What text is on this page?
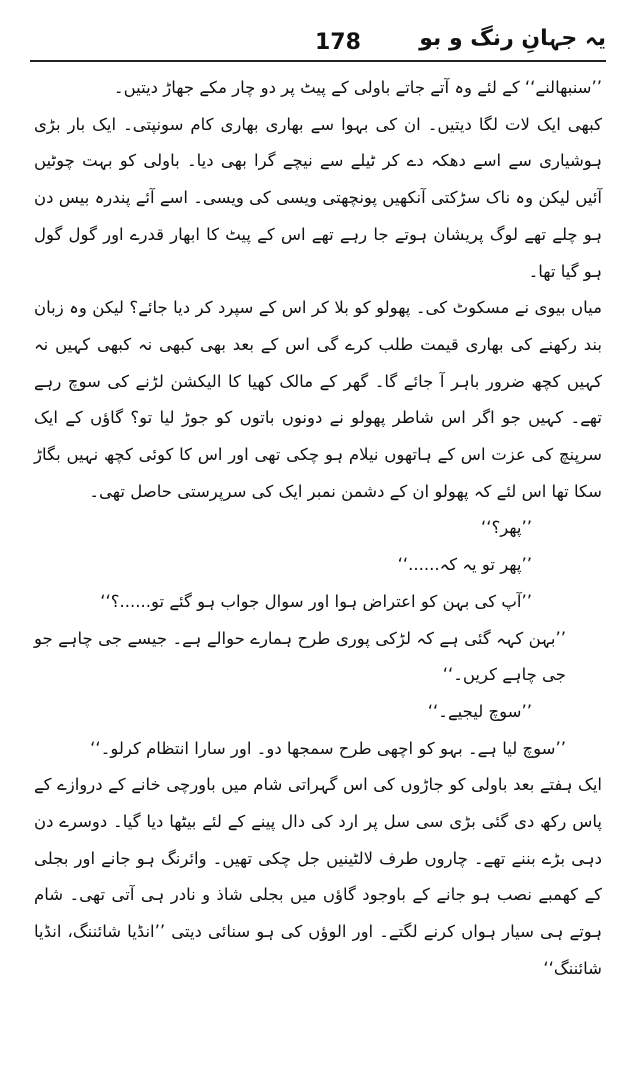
178	یہ جہانِ رنگ و بو

’’سنبھالنے‘‘ کے لئے وہ آتے جاتے باولی کے پیٹ پر دو چار مکے جھاڑ دیتیں۔

کبھی ایک لات لگا دیتیں۔ ان کی بہوا سے بھاری بھاری کام سونپتی۔ ایک بار بڑی ہوشیاری سے اسے دھکہ دے کر ٹیلے سے نیچے گرا بھی دیا۔ باولی کو بہت چوٹیں آئیں لیکن وہ ناک سڑکتی آنکھیں پونچھتی ویسی کی ویسی۔ اسے آئے پندرہ بیس دن ہو چلے تھے لوگ پریشان ہوتے جا رہے تھے اس کے پیٹ کا ابھار قدرے اور گول گول ہو گیا تھا۔

میاں بیوی نے مسکوٹ کی۔ پھولو کو بلا کر اس کے سپرد کر دیا جائے؟ لیکن وہ زبان بند رکھنے کی بھاری قیمت طلب کرے گی اس کے بعد بھی کبھی نہ کبھی کہیں نہ کہیں کچھ ضرور باہر آ جائے گا۔ گھر کے مالک کھیا کا الیکشن لڑنے کی سوچ رہے تھے۔ کہیں جو اگر اس شاطر پھولو نے دونوں باتوں کو جوڑ لیا تو؟ گاؤں کے ایک سرپنچ کی عزت اس کے ہاتھوں نیلام ہو چکی تھی اور اس کا کوئی کچھ نہیں بگاڑ سکا تھا اس لئے کہ پھولو ان کے دشمن نمبر ایک کی سرپرستی حاصل تھی۔

’’پھر؟‘‘

’’پھر تو یہ کہ......‘‘

’’آپ کی بہن کو اعتراض ہوا اور سوال جواب ہو گئے تو......؟‘‘

’’بہن کہہ گئی ہے کہ لڑکی پوری طرح ہمارے حوالے ہے۔ جیسے جی چاہے جو جی چاہے کریں۔‘‘

’’سوچ لیجیے۔‘‘

’’سوچ لیا ہے۔ بہو کو اچھی طرح سمجھا دو۔ اور سارا انتظام کرلو۔‘‘

ایک ہفتے بعد باولی کو جاڑوں کی اس گہراتی شام میں باورچی خانے کے دروازے کے پاس رکھ دی گئی بڑی سی سل پر ارد کی دال پینے کے لئے بیٹھا دیا گیا۔ دوسرے دن دہی بڑے بننے تھے۔ چاروں طرف لالٹینیں جل چکی تھیں۔ وائرنگ ہو جانے اور بجلی کے کھمبے نصب ہو جانے کے باوجود گاؤں میں بجلی شاذ و نادر ہی آتی تھی۔ شام ہوتے ہی سیار ہواں کرنے لگتے۔ اور الوؤں کی ہو سنائی دیتی ’’انڈیا شائننگ، انڈیا شائننگ‘‘
